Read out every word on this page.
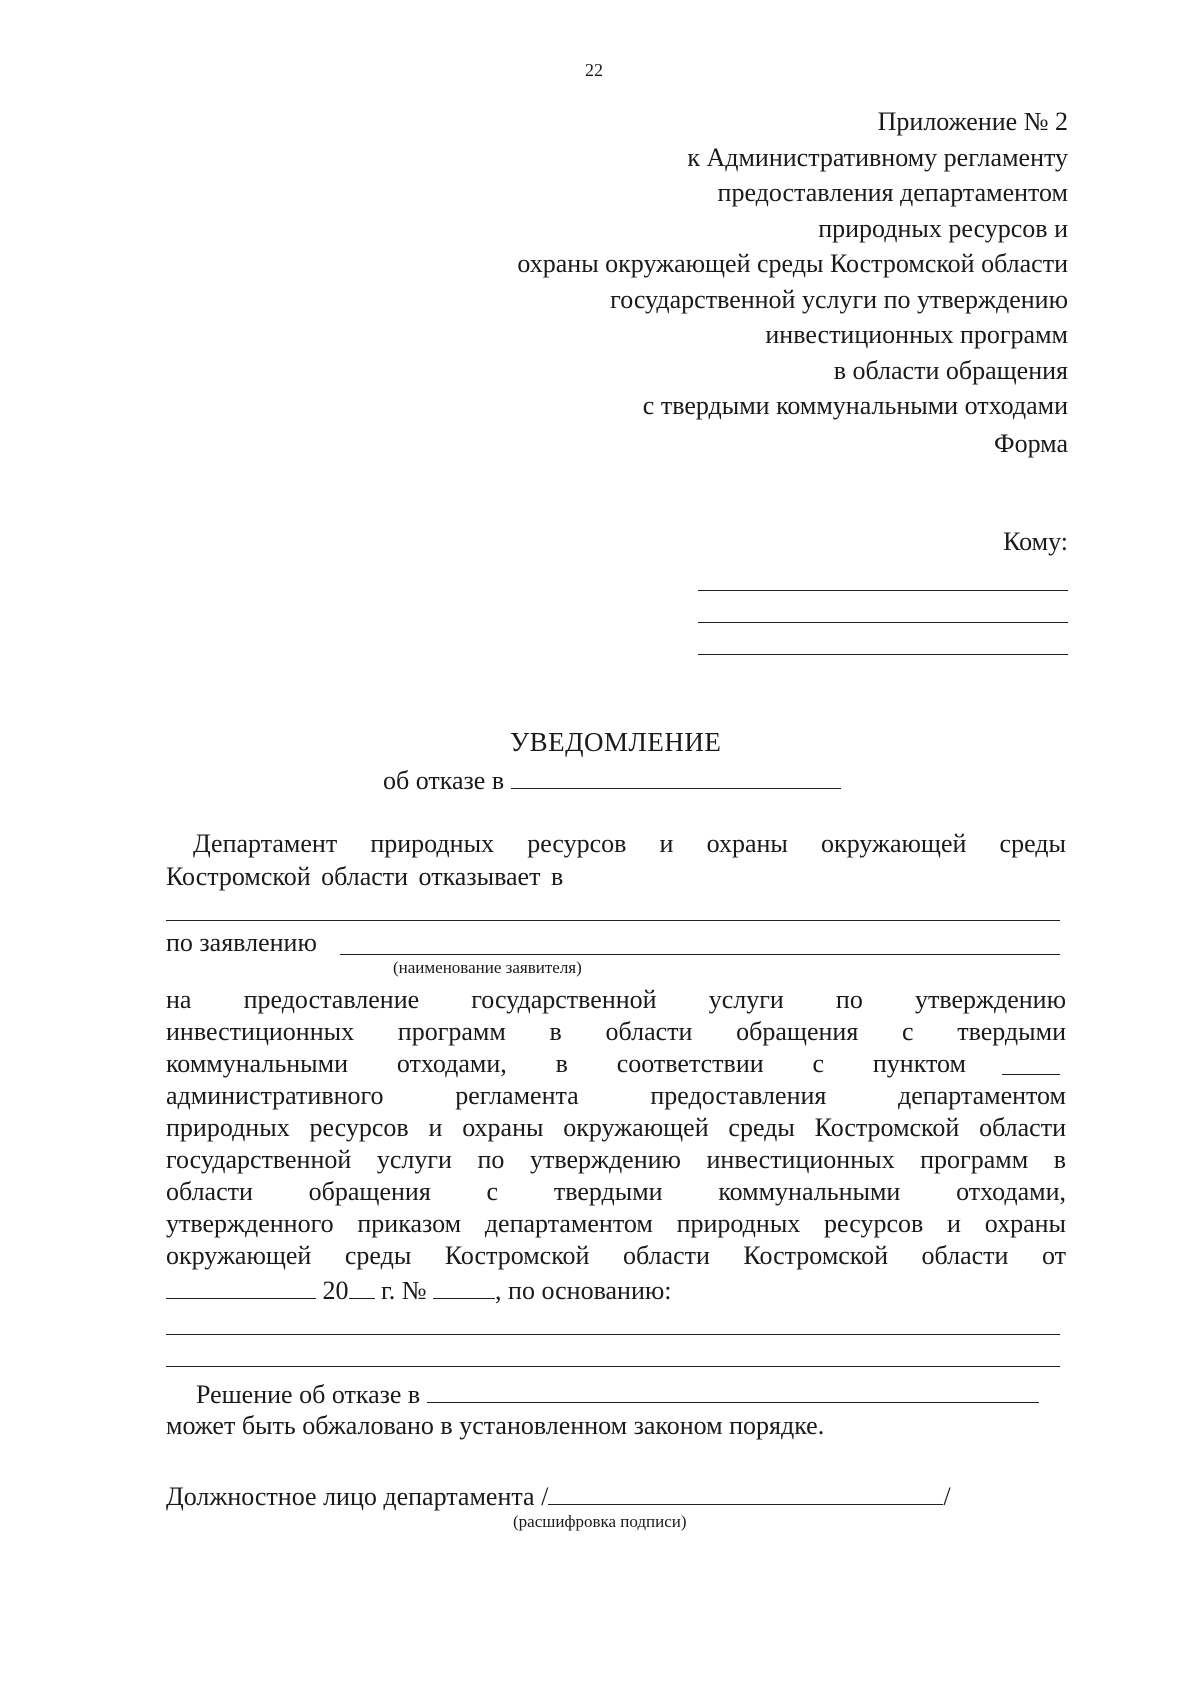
22
Приложение № 2
к Административному регламенту
предоставления департаментом
природных ресурсов и
охраны окружающей среды Костромской области
государственной услуги по утверждению
инвестиционных программ
в области обращения
с твердыми коммунальными отходами
Форма
Кому:
УВЕДОМЛЕНИЕ
об отказе в
Департамент природных ресурсов и охраны окружающей среды
Костромской области отказывает в
по заявлению
(наименование заявителя)
на предоставление государственной услуги по утверждению
инвестиционных программ в области обращения с твердыми
коммунальными отходами, в соответствии с пунктом
административного регламента предоставления департаментом
природных ресурсов и охраны окружающей среды Костромской области
государственной услуги по утверждению инвестиционных программ в
области обращения с твердыми коммунальными отходами,
утвержденного приказом департаментом природных ресурсов и охраны
окружающей среды Костромской области Костромской области от
20 г. №	, по основанию:
Решение об отказе в
может быть обжаловано в установленном законом порядке.
Должностное лицо департамента /	/
(расшифровка подписи)
